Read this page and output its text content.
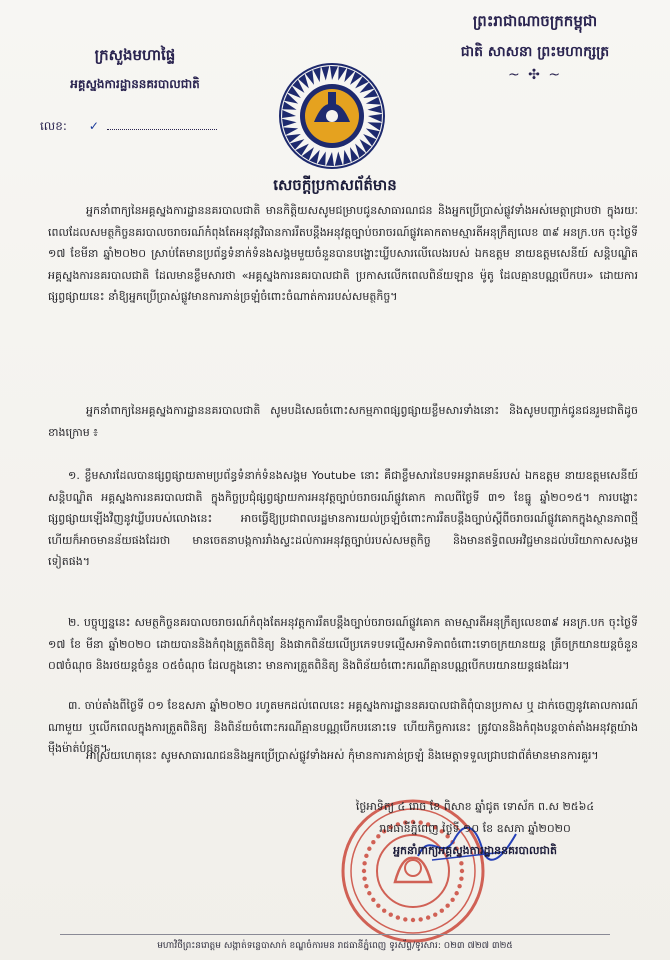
ក្រសួងមហាផ្ទៃ
អគ្គស្នងការដ្ឋាននគរបាលជាតិ
លេខ: ✓
ព្រះរាជាណាចក្រកម្ពុជា
ជាតិ សាសនា ព្រះមហាក្សត្រ
~ ✣ ~
សេចក្ដីប្រកាសព័ត៌មាន
អ្នកនាំពាក្យនៃអគ្គស្នងការដ្ឋាននគរបាលជាតិ មានកិត្តិយសសូមជម្រាបជូនសាធារណជន និងអ្នកប្រើប្រាស់ផ្លូវទាំងអស់មេត្តាជ្រាបថា ក្នុងរយៈពេលដែលសមត្ថកិច្ចនគរបាលចរាចរណ៍កំពុងតែអនុវត្តវិធានការរឹតបន្តឹងអនុវត្តច្បាប់ចរាចរណ៍ផ្លូវគោកតាមស្មារតីអនុក្រឹត្យលេខ ៣៩ អនក្រ.បក ចុះថ្ងៃទី ១៧ ខែមីនា ឆ្នាំ២០២០ ស្រាប់តែមានប្រព័ន្ធទំនាក់ទំនងសង្គមមួយចំនួនបានបង្ហោះឃ្លីបសារលើលេងរបស់ ឯកឧត្តម នាយឧត្តមសេនីយ៍ សន្តិបណ្ឌិត អគ្គស្នងការនគរបាលជាតិ ដែលមានខ្លឹមសារថា «អគ្គស្នងការនគរបាលជាតិ ប្រកាសលើកពេលពិន័យឡាន ម៉ូតូ ដែលគ្មានបណ្ណបើកបរ» ដោយការផ្សព្វផ្សាយនេះ នាំឱ្យអ្នកប្រើប្រាស់ផ្លូវមានការភាន់ច្រឡំចំពោះចំណាត់ការរបស់សមត្ថកិច្ច។
អ្នកនាំពាក្យនៃអគ្គស្នងការដ្ឋាននគរបាលជាតិ សូមបដិសេធចំពោះសកម្មភាពផ្សព្វផ្សាយខ្លឹមសារទាំងនោះ និងសូមបញ្ជាក់ជូនជនរួមជាតិដូចខាងក្រោម ៖
១. ខ្លឹមសារដែលបានផ្សព្វផ្សាយតាមប្រព័ន្ធទំនាក់ទំនងសង្គម Youtube នោះ គឺជាខ្លឹមសារនៃបទអន្តរាគមន៍របស់ ឯកឧត្តម នាយឧត្តមសេនីយ៍ សន្តិបណ្ឌិត អគ្គស្នងការនគរបាលជាតិ ក្នុងកិច្ចប្រជុំផ្សព្វផ្សាយការអនុវត្តច្បាប់ចរាចរណ៍ផ្លូវគោក កាលពីថ្ងៃទី ៣១ ខែធ្នូ ឆ្នាំ២០១៥។ ការបង្ហោះផ្សព្វផ្សាយឡើងវិញនូវឃ្លីបរបស់លោងនេះ អាចធ្វើឱ្យប្រជាពលរដ្ឋមានការយល់ច្រឡំចំពោះការរឹតបន្តឹងច្បាប់ស្ដីពីចរាចរណ៍ផ្លូវគោកក្នុងស្ថានភាពថ្មី ហើយក៏អាចមានន័យផងដែរថា មានចេតនាបង្កការរាំងស្ទះដល់ការអនុវត្តច្បាប់របស់សមត្ថកិច្ច និងមានឥទ្ធិពលអវិជ្ជមានដល់បរិយាកាសសង្គមទៀតផង។
២. បច្ចុប្បន្ននេះ សមត្ថកិច្ចនគរបាលចរាចរណ៍កំពុងតែអនុវត្តការរឹតបន្តឹងច្បាប់ចរាចរណ៍ផ្លូវគោក តាមស្មារតីអនុក្រឹត្យលេខ៣៩ អនក្រ.បក ចុះថ្ងៃទី ១៧ ខែ មីនា ឆ្នាំ២០២០ ដោយបាននិងកំពុងត្រួតពិនិត្យ និងផាកពិន័យលើប្រភេទបទល្មើសអាទិភាពចំពោះទោចក្រយានយន្ត ត្រីចក្រយានយន្តចំនួន ០៧ចំណុច និងរថយន្តចំនួន ០៥ចំណុច ដែលក្នុងនោះ មានការត្រួតពិនិត្យ និងពិន័យចំពោះករណីគ្មានបណ្ណបើកបរយានយន្តផងដែរ។
៣. ចាប់តាំងពីថ្ងៃទី ០១ ខែឧសភា ឆ្នាំ២០២០ រហូតមកដល់ពេលនេះ អគ្គស្នងការដ្ឋាននគរបាលជាតិពុំបានប្រកាស ឬ ដាក់ចេញនូវគោលការណ៍ណាមួយ ឬលើកពេលក្នុងការត្រួតពិនិត្យ និងពិន័យចំពោះករណីគ្មានបណ្ណបើកបរនោះទេ ហើយកិច្ចការនេះ ត្រូវបាននិងកំពុងបន្តចាត់តាំងអនុវត្តយ៉ាងម៉ឺងម៉ាត់បំផុត។
អាស្រ័យហេតុនេះ សូមសាធារណជននិងអ្នកប្រើប្រាស់ផ្លូវទាំងអស់ កុំមានការភាន់ច្រឡំ និងមេត្តាទទួលជ្រាបជាព័ត៌មានមានការគួរ។
ថ្ងៃអាទិត្យ ៤ រោច ខែ ពិសាខ ឆ្នាំជូត ទោស័ក ព.ស ២៥៦៤
រាជធានីភ្នំពេញ ថ្ងៃទី ១០ ខែ ឧសភា ឆ្នាំ២០២០
អ្នកនាំពាក្យអគ្គស្នងការដ្ឋាននគរបាលជាតិ
មហាវិថីព្រះនរោត្តម សង្កាត់ទន្លេបាសាក់ ខណ្ឌចំការមន រាជធានីភ្នំពេញ ទូរស័ព្ទ/ទូរសារ: ០២៣ ៧២៧ ៣២៥
